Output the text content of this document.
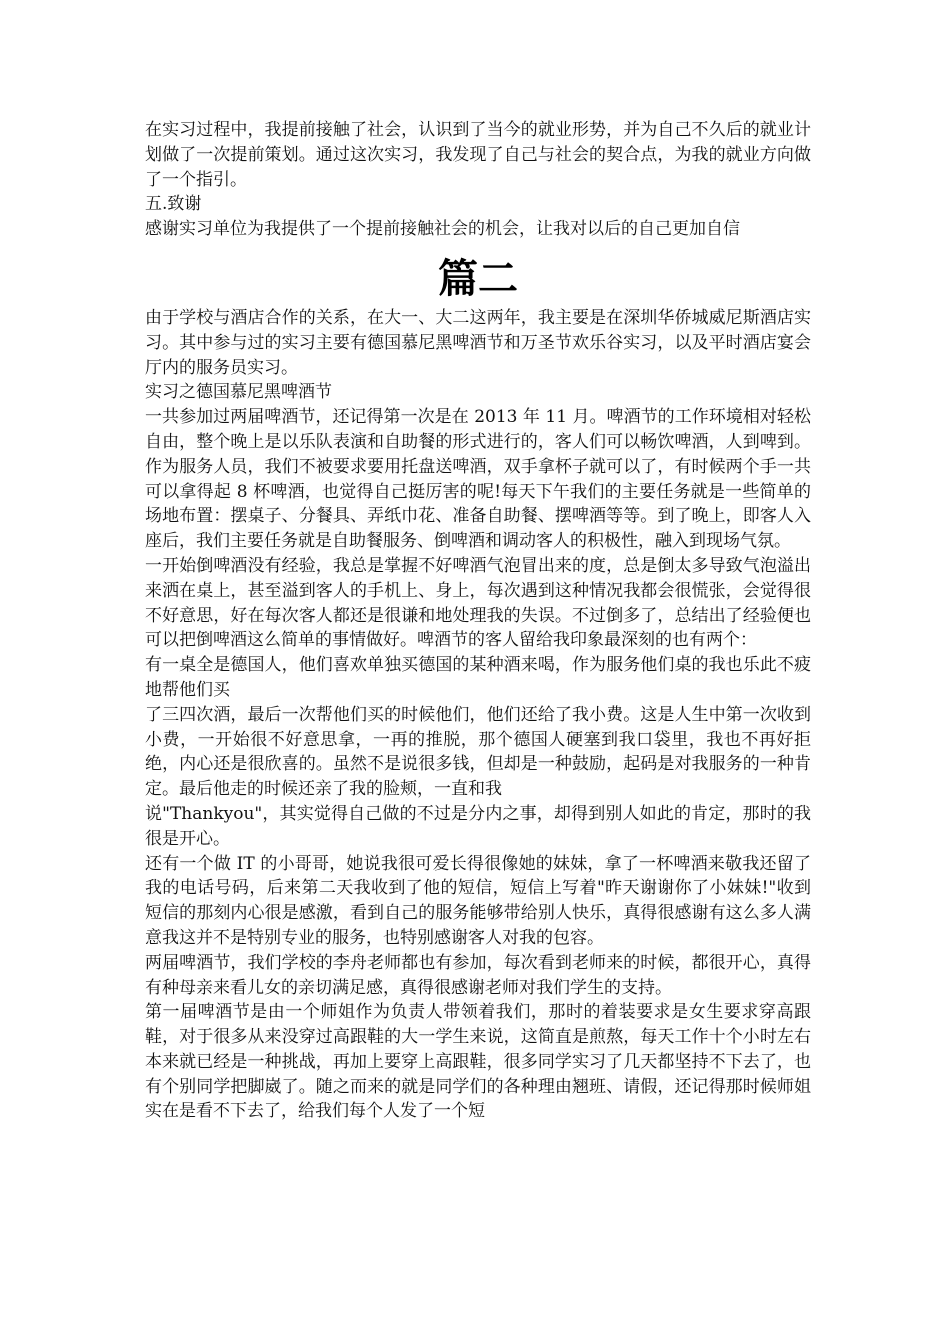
在实习过程中，我提前接触了社会，认识到了当今的就业形势，并为自己不久后的就业计划做了一次提前策划。通过这次实习，我发现了自己与社会的契合点，为我的就业方向做了一个指引。

五.致谢

感谢实习单位为我提供了一个提前接触社会的机会，让我对以后的自己更加自信

篇二

由于学校与酒店合作的关系，在大一、大二这两年，我主要是在深圳华侨城威尼斯酒店实习。其中参与过的实习主要有德国慕尼黑啤酒节和万圣节欢乐谷实习，以及平时酒店宴会厅内的服务员实习。

实习之德国慕尼黑啤酒节

一共参加过两届啤酒节，还记得第一次是在 2013 年 11 月。啤酒节的工作环境相对轻松自由，整个晚上是以乐队表演和自助餐的形式进行的，客人们可以畅饮啤酒，人到啤到。作为服务人员，我们不被要求要用托盘送啤酒，双手拿杯子就可以了，有时候两个手一共可以拿得起 8 杯啤酒，也觉得自己挺厉害的呢!每天下午我们的主要任务就是一些简单的场地布置：摆桌子、分餐具、弄纸巾花、准备自助餐、摆啤酒等等。到了晚上，即客人入座后，我们主要任务就是自助餐服务、倒啤酒和调动客人的积极性，融入到现场气氛。

一开始倒啤酒没有经验，我总是掌握不好啤酒气泡冒出来的度，总是倒太多导致气泡溢出来洒在桌上，甚至溢到客人的手机上、身上，每次遇到这种情况我都会很慌张，会觉得很不好意思，好在每次客人都还是很谦和地处理我的失误。不过倒多了，总结出了经验便也可以把倒啤酒这么简单的事情做好。啤酒节的客人留给我印象最深刻的也有两个：

有一桌全是德国人，他们喜欢单独买德国的某种酒来喝，作为服务他们桌的我也乐此不疲地帮他们买

了三四次酒，最后一次帮他们买的时候他们，他们还给了我小费。这是人生中第一次收到小费，一开始很不好意思拿，一再的推脱，那个德国人硬塞到我口袋里，我也不再好拒绝，内心还是很欣喜的。虽然不是说很多钱，但却是一种鼓励，起码是对我服务的一种肯定。最后他走的时候还亲了我的脸颊，一直和我

说"Thankyou"，其实觉得自己做的不过是分内之事，却得到别人如此的肯定，那时的我很是开心。

还有一个做 IT 的小哥哥，她说我很可爱长得很像她的妹妹，拿了一杯啤酒来敬我还留了我的电话号码，后来第二天我收到了他的短信，短信上写着"昨天谢谢你了小妹妹!"收到短信的那刻内心很是感激，看到自己的服务能够带给别人快乐，真得很感谢有这么多人满意我这并不是特别专业的服务，也特别感谢客人对我的包容。

两届啤酒节，我们学校的李舟老师都也有参加，每次看到老师来的时候，都很开心，真得有种母亲来看儿女的亲切满足感，真得很感谢老师对我们学生的支持。

第一届啤酒节是由一个师姐作为负责人带领着我们，那时的着装要求是女生要求穿高跟鞋，对于很多从来没穿过高跟鞋的大一学生来说，这简直是煎熬，每天工作十个小时左右本来就已经是一种挑战，再加上要穿上高跟鞋，很多同学实习了几天都坚持不下去了，也有个别同学把脚崴了。随之而来的就是同学们的各种理由翘班、请假，还记得那时候师姐实在是看不下去了，给我们每个人发了一个短
